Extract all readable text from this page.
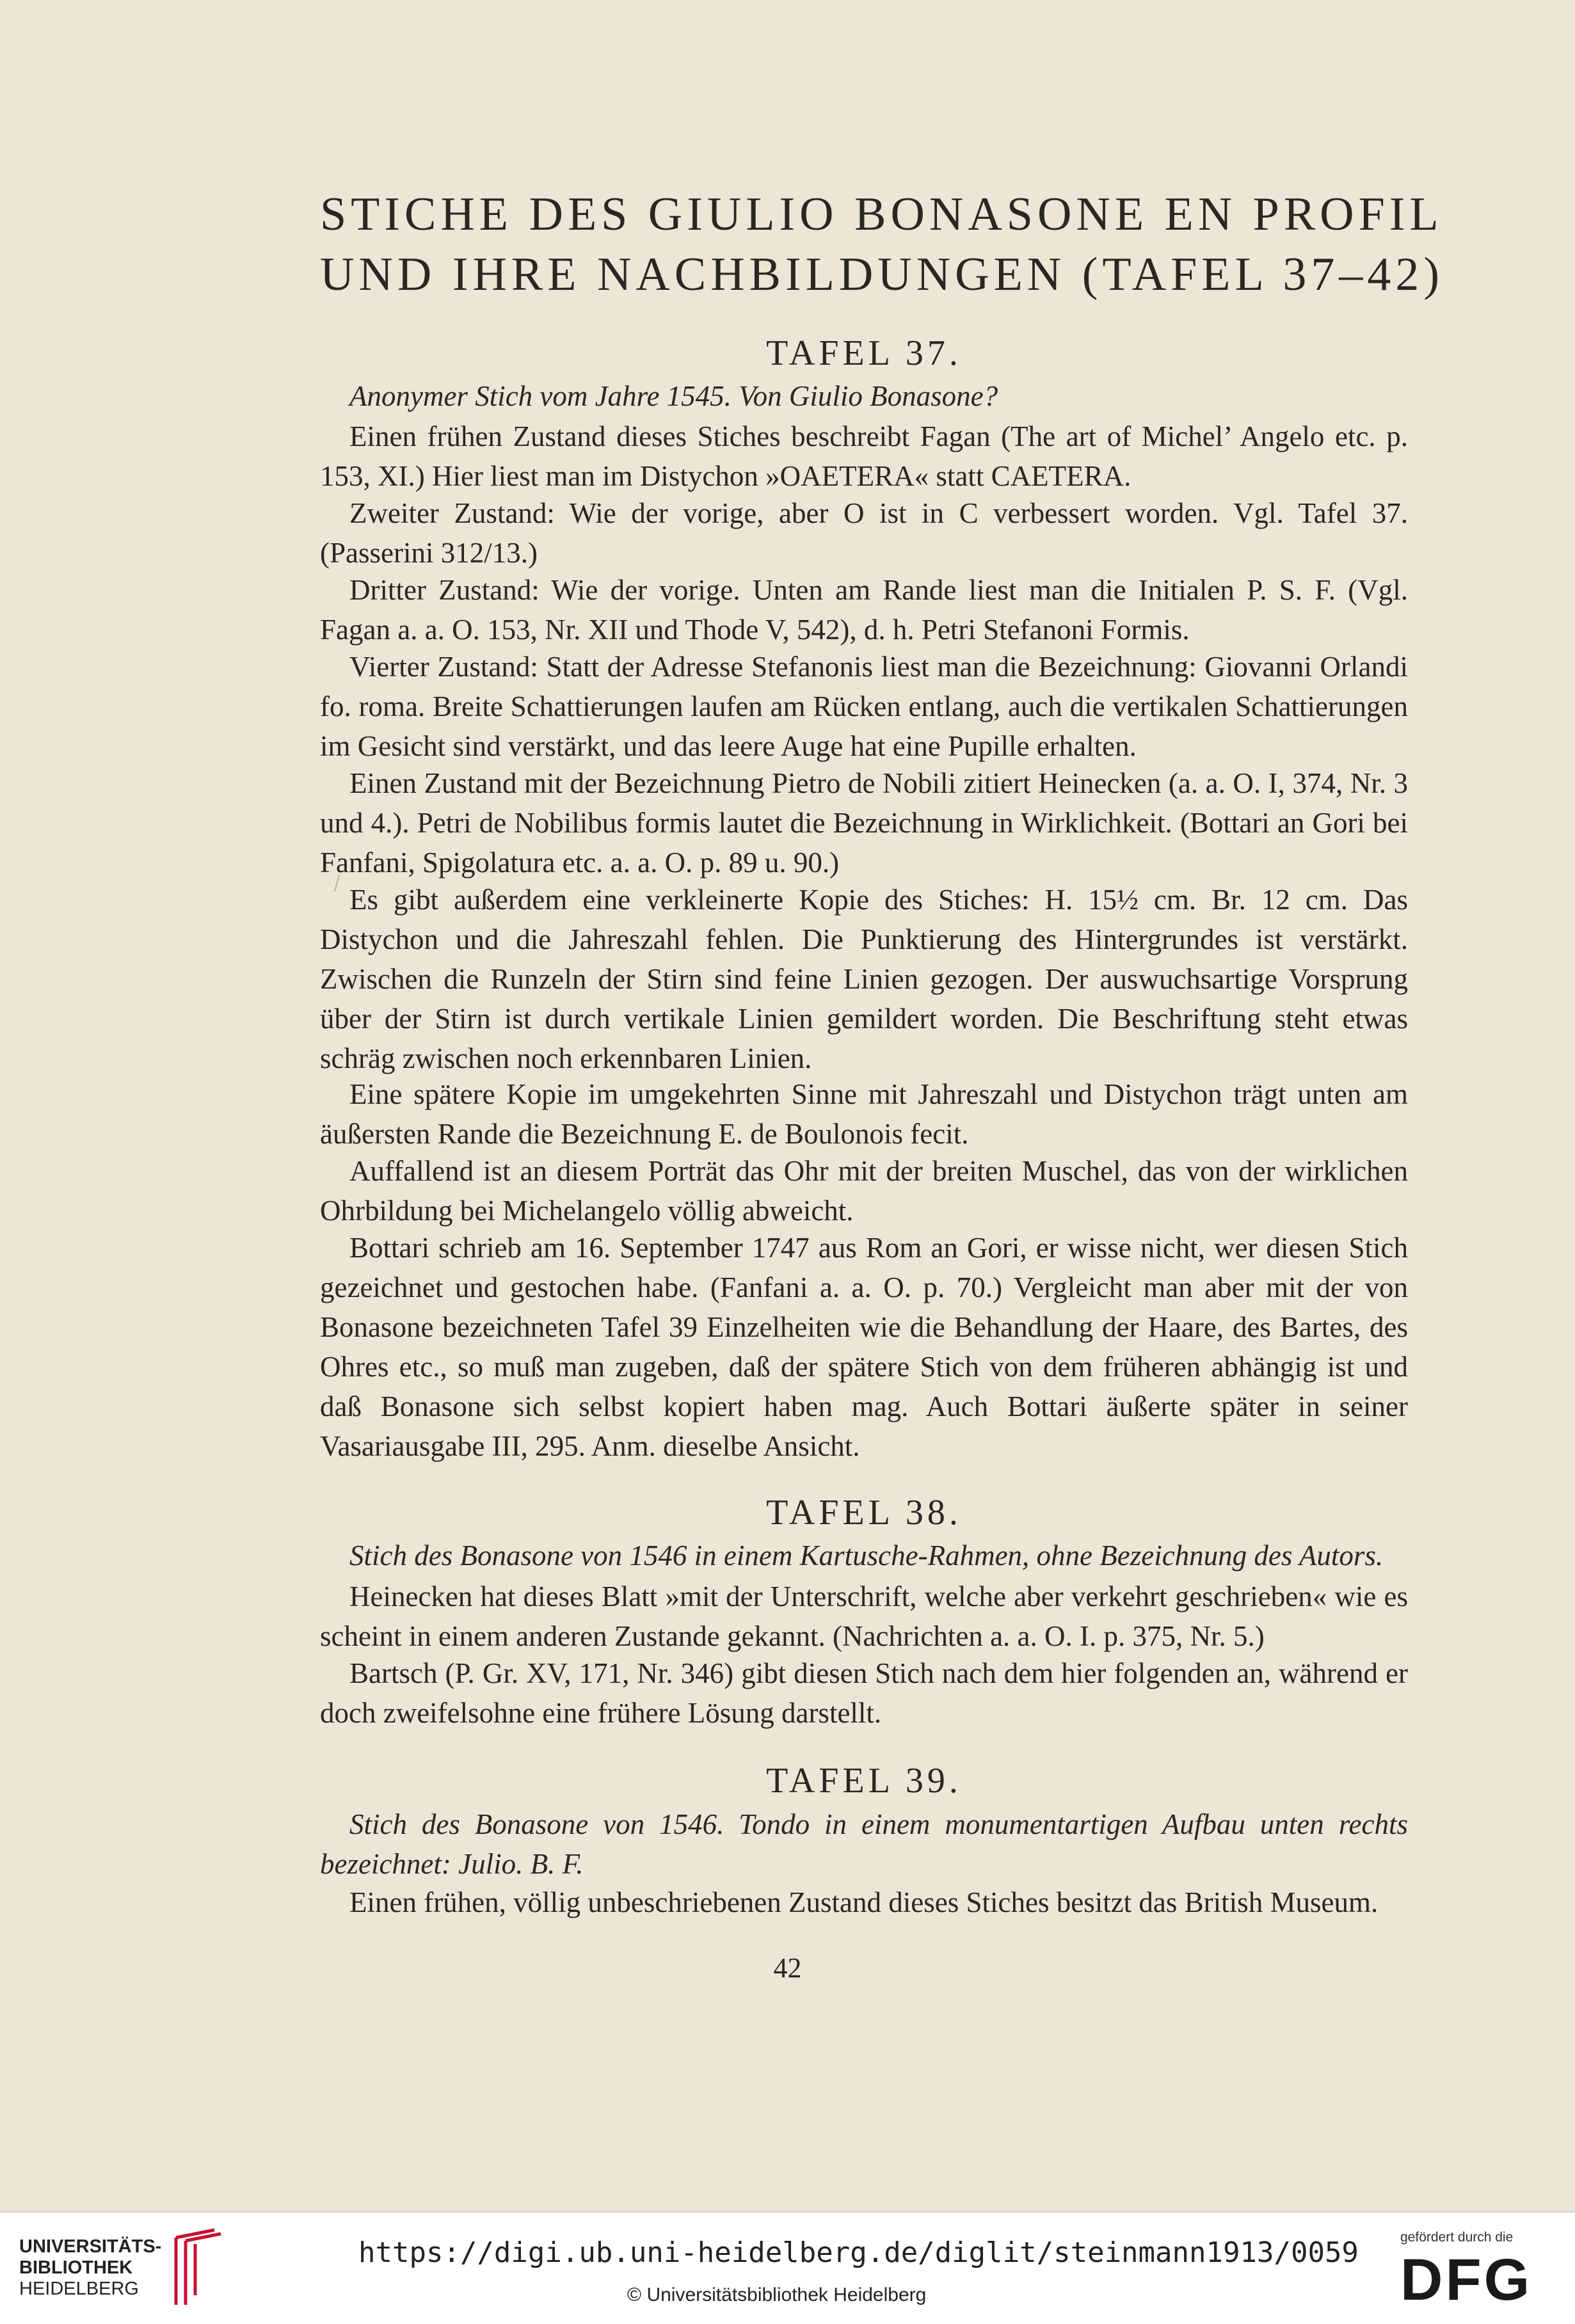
STICHE DES GIULIO BONASONE EN PROFIL
UND IHRE NACHBILDUNGEN (TAFEL 37–42)
TAFEL 37.

Anonymer Stich vom Jahre 1545. Von Giulio Bonasone?

Einen frühen Zustand dieses Stiches beschreibt Fagan (The art of Michel’ Angelo etc. p. 153, XI.) Hier liest man im Distychon »OAETERA« statt CAETERA.

Zweiter Zustand: Wie der vorige, aber O ist in C verbessert worden. Vgl. Tafel 37. (Passerini 312/13.)

Dritter Zustand: Wie der vorige. Unten am Rande liest man die Initialen P. S. F. (Vgl. Fagan a. a. O. 153, Nr. XII und Thode V, 542), d. h. Petri Stefanoni Formis.

Vierter Zustand: Statt der Adresse Stefanonis liest man die Bezeichnung: Giovanni Orlandi fo. roma. Breite Schattierungen laufen am Rücken entlang, auch die vertikalen Schattierungen im Gesicht sind verstärkt, und das leere Auge hat eine Pupille erhalten.

Einen Zustand mit der Bezeichnung Pietro de Nobili zitiert Heinecken (a. a. O. I, 374, Nr. 3 und 4.). Petri de Nobilibus formis lautet die Bezeichnung in Wirklichkeit. (Bottari an Gori bei Fanfani, Spigolatura etc. a. a. O. p. 89 u. 90.)

Es gibt außerdem eine verkleinerte Kopie des Stiches: H. 15½ cm. Br. 12 cm. Das Distychon und die Jahreszahl fehlen. Die Punktierung des Hintergrundes ist verstärkt. Zwischen die Runzeln der Stirn sind feine Linien gezogen. Der auswuchsartige Vorsprung über der Stirn ist durch vertikale Linien gemildert worden. Die Beschriftung steht etwas schräg zwischen noch erkennbaren Linien.

Eine spätere Kopie im umgekehrten Sinne mit Jahreszahl und Distychon trägt unten am äußersten Rande die Bezeichnung E. de Boulonois fecit.

Auffallend ist an diesem Porträt das Ohr mit der breiten Muschel, das von der wirklichen Ohrbildung bei Michelangelo völlig abweicht.

Bottari schrieb am 16. September 1747 aus Rom an Gori, er wisse nicht, wer diesen Stich gezeichnet und gestochen habe. (Fanfani a. a. O. p. 70.) Vergleicht man aber mit der von Bonasone bezeichneten Tafel 39 Einzelheiten wie die Behandlung der Haare, des Bartes, des Ohres etc., so muß man zugeben, daß der spätere Stich von dem früheren abhängig ist und daß Bonasone sich selbst kopiert haben mag. Auch Bottari äußerte später in seiner Vasariausgabe III, 295. Anm. dieselbe Ansicht.

TAFEL 38.

Stich des Bonasone von 1546 in einem Kartusche-Rahmen, ohne Bezeichnung des Autors.

Heinecken hat dieses Blatt »mit der Unterschrift, welche aber verkehrt geschrieben« wie es scheint in einem anderen Zustande gekannt. (Nachrichten a. a. O. I. p. 375, Nr. 5.)

Bartsch (P. Gr. XV, 171, Nr. 346) gibt diesen Stich nach dem hier folgenden an, während er doch zweifelsohne eine frühere Lösung darstellt.

TAFEL 39.

Stich des Bonasone von 1546. Tondo in einem monumentartigen Aufbau unten rechts bezeichnet: Julio. B. F.

Einen frühen, völlig unbeschriebenen Zustand dieses Stiches besitzt das British Museum.

42

UNIVERSITÄTS-

BIBLIOTHEK

HEIDELBERG

https://digi.ub.uni-heidelberg.de/diglit/steinmann1913/0059

© Universitätsbibliothek Heidelberg

gefördert durch die

DFG
